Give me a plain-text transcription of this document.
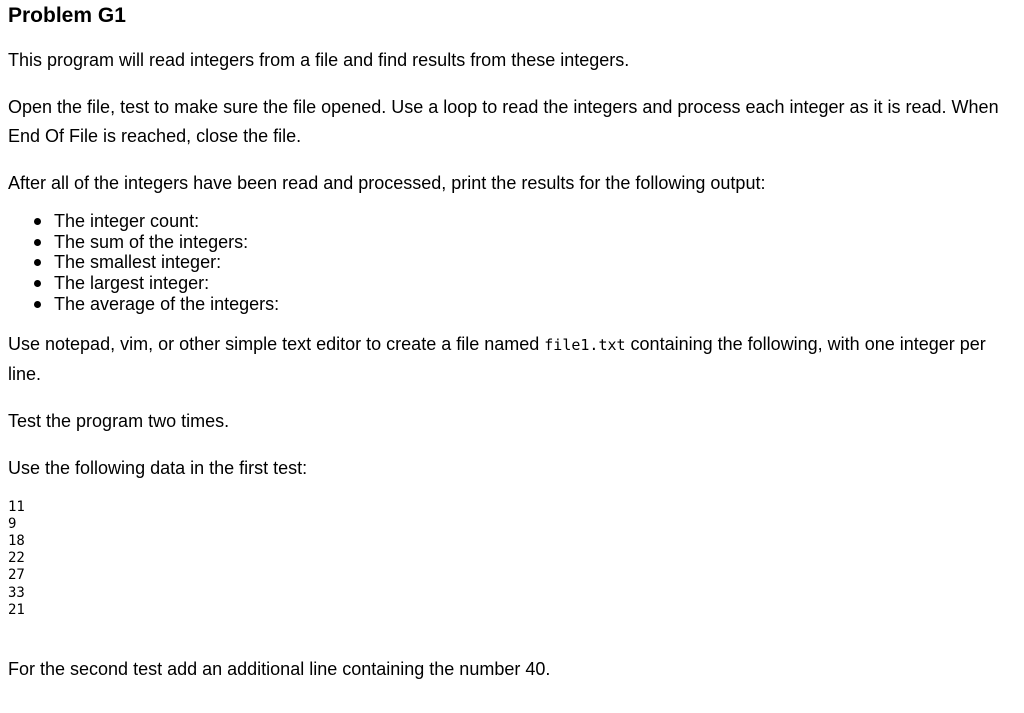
Problem G1

This program will read integers from a file and find results from these integers.

Open the file, test to make sure the file opened. Use a loop to read the integers and process each integer as it is read. When End Of File is reached, close the file.

After all of the integers have been read and processed, print the results for the following output:

The integer count:
The sum of the integers:
The smallest integer:
The largest integer:
The average of the integers:

Use notepad, vim, or other simple text editor to create a file named file1.txt containing the following, with one integer per line.

Test the program two times.

Use the following data in the first test:

11
9
18
22
27
33
21

For the second test add an additional line containing the number 40.
